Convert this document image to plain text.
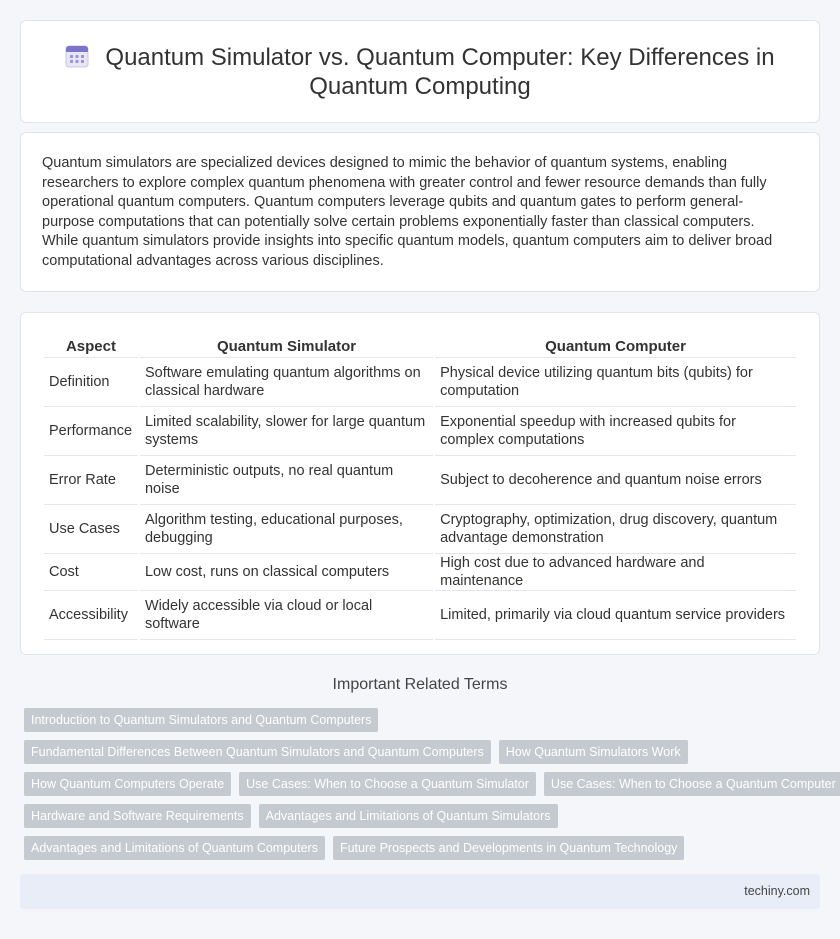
Quantum Simulator vs. Quantum Computer: Key Differences in Quantum Computing

Quantum simulators are specialized devices designed to mimic the behavior of quantum systems, enabling researchers to explore complex quantum phenomena with greater control and fewer resource demands than fully operational quantum computers. Quantum computers leverage qubits and quantum gates to perform general-purpose computations that can potentially solve certain problems exponentially faster than classical computers. While quantum simulators provide insights into specific quantum models, quantum computers aim to deliver broad computational advantages across various disciplines.

Aspect	Quantum Simulator	Quantum Computer
Definition	Software emulating quantum algorithms on classical hardware	Physical device utilizing quantum bits (qubits) for computation
Performance	Limited scalability, slower for large quantum systems	Exponential speedup with increased qubits for complex computations
Error Rate	Deterministic outputs, no real quantum noise	Subject to decoherence and quantum noise errors
Use Cases	Algorithm testing, educational purposes, debugging	Cryptography, optimization, drug discovery, quantum advantage demonstration
Cost	Low cost, runs on classical computers	High cost due to advanced hardware and maintenance
Accessibility	Widely accessible via cloud or local software	Limited, primarily via cloud quantum service providers
Important Related Terms
Introduction to Quantum Simulators and Quantum Computers
Fundamental Differences Between Quantum Simulators and Quantum Computers How Quantum Simulators Work
How Quantum Computers Operate Use Cases: When to Choose a Quantum Simulator Use Cases: When to Choose a Quantum Computer
Hardware and Software Requirements Advantages and Limitations of Quantum Simulators
Advantages and Limitations of Quantum Computers Future Prospects and Developments in Quantum Technology
techiny.com
